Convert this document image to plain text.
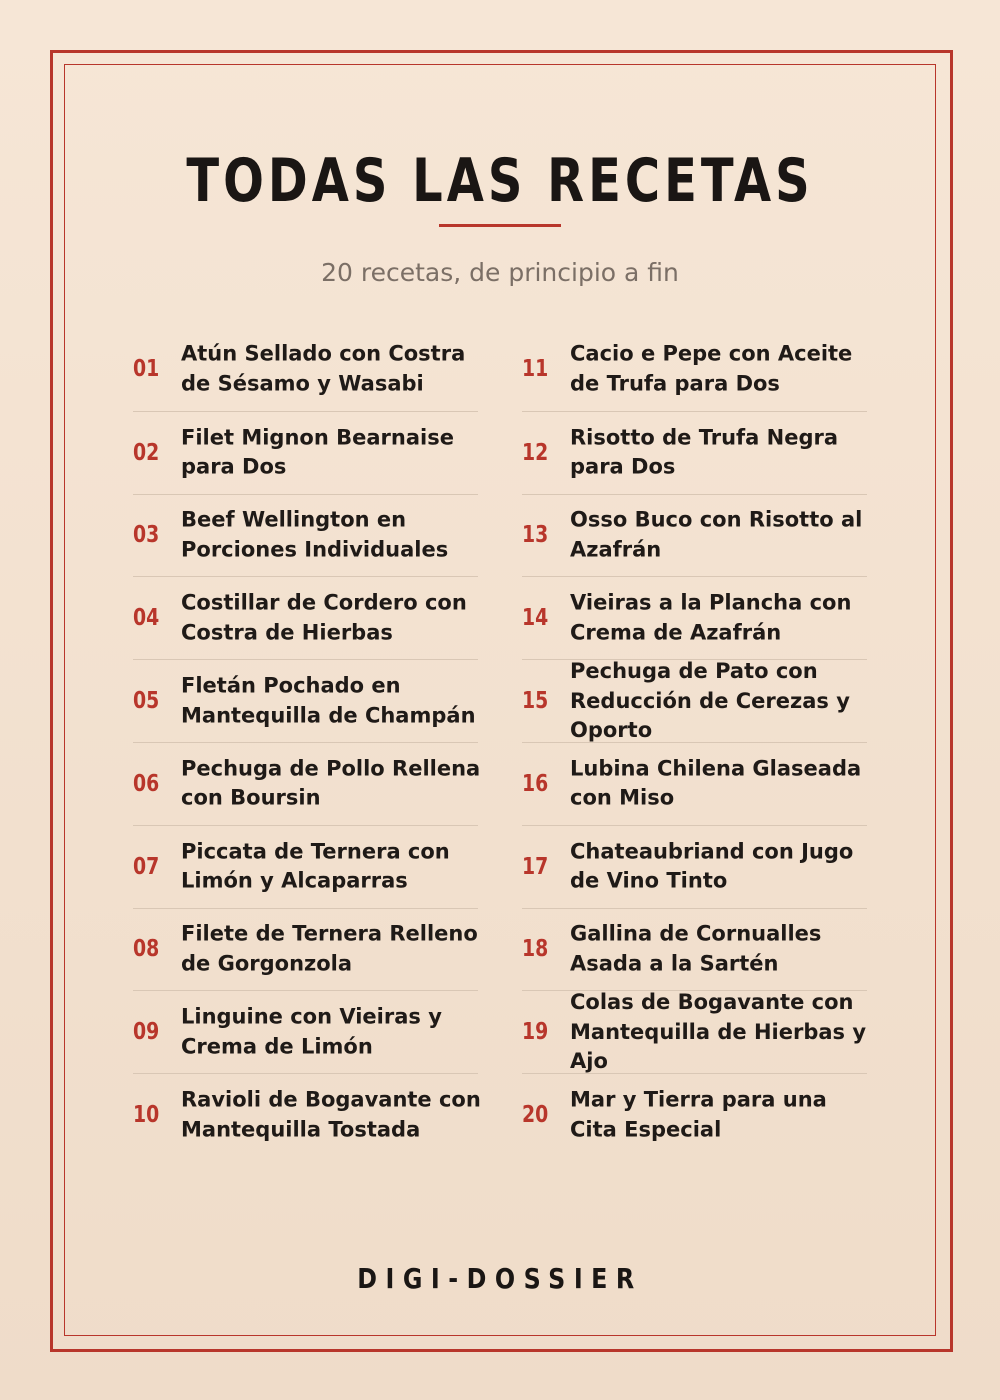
TODAS LAS RECETAS
20 recetas, de principio a fin
01
Atún Sellado con Costra de Sésamo y Wasabi
02
Filet Mignon Bearnaise para Dos
03
Beef Wellington en Porciones Individuales
04
Costillar de Cordero con Costra de Hierbas
05
Fletán Pochado en Mantequilla de Champán
06
Pechuga de Pollo Rellena con Boursin
07
Piccata de Ternera con Limón y Alcaparras
08
Filete de Ternera Relleno de Gorgonzola
09
Linguine con Vieiras y Crema de Limón
10
Ravioli de Bogavante con Mantequilla Tostada
11
Cacio e Pepe con Aceite de Trufa para Dos
12
Risotto de Trufa Negra para Dos
13
Osso Buco con Risotto al Azafrán
14
Vieiras a la Plancha con Crema de Azafrán
15
Pechuga de Pato con Reducción de Cerezas y Oporto
16
Lubina Chilena Glaseada con Miso
17
Chateaubriand con Jugo de Vino Tinto
18
Gallina de Cornualles Asada a la Sartén
19
Colas de Bogavante con Mantequilla de Hierbas y Ajo
20
Mar y Tierra para una Cita Especial
DIGI-DOSSIER
